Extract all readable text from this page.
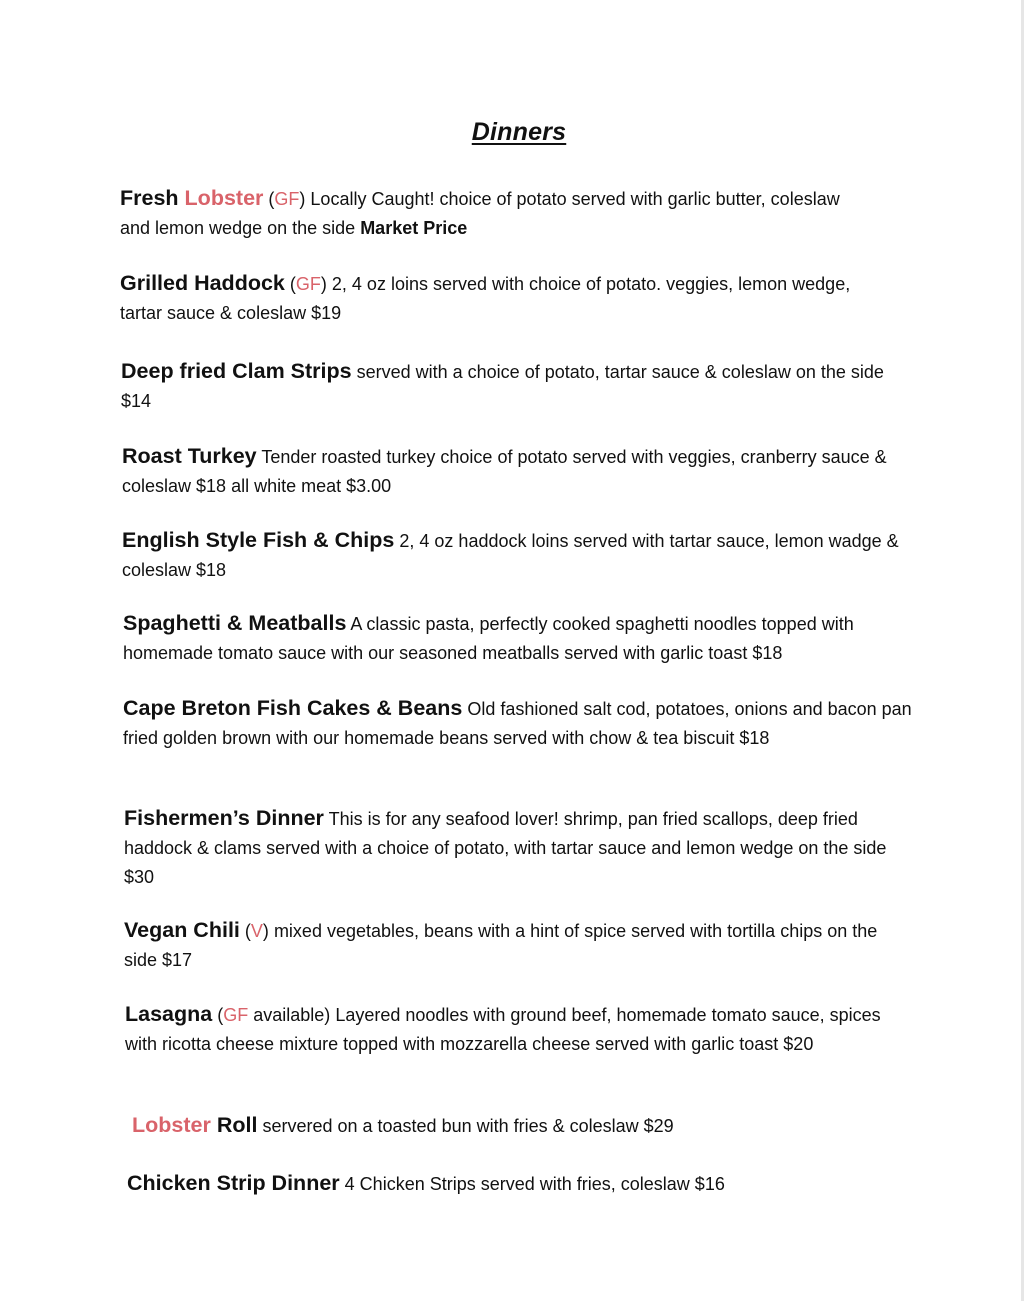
Dinners
Fresh Lobster (GF) Locally Caught! choice of potato served with garlic butter, coleslaw and lemon wedge on the side Market Price
Grilled Haddock (GF) 2, 4 oz loins served with choice of potato. veggies, lemon wedge, tartar sauce & coleslaw $19
Deep fried Clam Strips served with a choice of potato, tartar sauce & coleslaw on the side $14
Roast Turkey Tender roasted turkey choice of potato served with veggies, cranberry sauce & coleslaw $18 all white meat $3.00
English Style Fish & Chips 2, 4 oz haddock loins served with tartar sauce, lemon wadge & coleslaw $18
Spaghetti & Meatballs A classic pasta, perfectly cooked spaghetti noodles topped with homemade tomato sauce with our seasoned meatballs served with garlic toast $18
Cape Breton Fish Cakes & Beans Old fashioned salt cod, potatoes, onions and bacon pan fried golden brown with our homemade beans served with chow & tea biscuit $18
Fishermen’s Dinner This is for any seafood lover! shrimp, pan fried scallops, deep fried haddock & clams served with a choice of potato, with tartar sauce and lemon wedge on the side $30
Vegan Chili (V) mixed vegetables, beans with a hint of spice served with tortilla chips on the side $17
Lasagna (GF available) Layered noodles with ground beef, homemade tomato sauce, spices with ricotta cheese mixture topped with mozzarella cheese served with garlic toast $20
Lobster Roll servered on a toasted bun with fries & coleslaw $29
Chicken Strip Dinner 4 Chicken Strips served with fries, coleslaw $16
